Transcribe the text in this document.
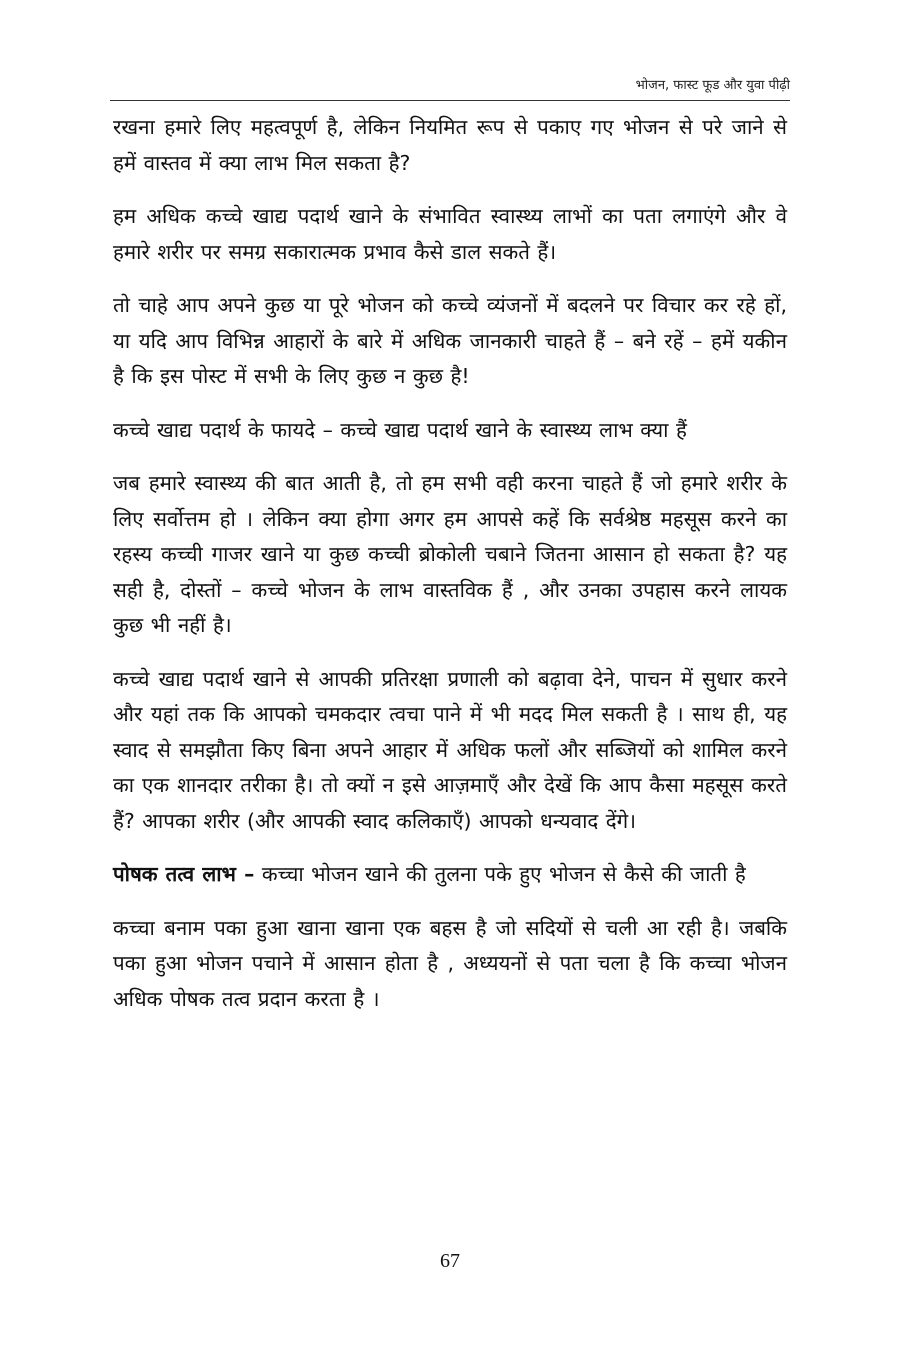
भोजन, फास्ट फूड और युवा पीढ़ी

रखना हमारे लिए महत्वपूर्ण है, लेकिन नियमित रूप से पकाए गए भोजन से परे जाने से हमें वास्तव में क्या लाभ मिल सकता है?

हम अधिक कच्चे खाद्य पदार्थ खाने के संभावित स्वास्थ्य लाभों का पता लगाएंगे और वे हमारे शरीर पर समग्र सकारात्मक प्रभाव कैसे डाल सकते हैं।

तो चाहे आप अपने कुछ या पूरे भोजन को कच्चे व्यंजनों में बदलने पर विचार कर रहे हों, या यदि आप विभिन्न आहारों के बारे में अधिक जानकारी चाहते हैं – बने रहें – हमें यकीन है कि इस पोस्ट में सभी के लिए कुछ न कुछ है!

कच्चे खाद्य पदार्थ के फायदे – कच्चे खाद्य पदार्थ खाने के स्वास्थ्य लाभ क्या हैं

जब हमारे स्वास्थ्य की बात आती है, तो हम सभी वही करना चाहते हैं जो हमारे शरीर के लिए सर्वोत्तम हो । लेकिन क्या होगा अगर हम आपसे कहें कि सर्वश्रेष्ठ महसूस करने का रहस्य कच्ची गाजर खाने या कुछ कच्ची ब्रोकोली चबाने जितना आसान हो सकता है? यह सही है, दोस्तों – कच्चे भोजन के लाभ वास्तविक हैं , और उनका उपहास करने लायक कुछ भी नहीं है।

कच्चे खाद्य पदार्थ खाने से आपकी प्रतिरक्षा प्रणाली को बढ़ावा देने, पाचन में सुधार करने और यहां तक कि आपको चमकदार त्वचा पाने में भी मदद मिल सकती है । साथ ही, यह स्वाद से समझौता किए बिना अपने आहार में अधिक फलों और सब्जियों को शामिल करने का एक शानदार तरीका है। तो क्यों न इसे आज़माएँ और देखें कि आप कैसा महसूस करते हैं? आपका शरीर (और आपकी स्वाद कलिकाएँ) आपको धन्यवाद देंगे।

पोषक तत्व लाभ – कच्चा भोजन खाने की तुलना पके हुए भोजन से कैसे की जाती है

कच्चा बनाम पका हुआ खाना खाना एक बहस है जो सदियों से चली आ रही है। जबकि पका हुआ भोजन पचाने में आसान होता है , अध्ययनों से पता चला है कि कच्चा भोजन अधिक पोषक तत्व प्रदान करता है ।

67
